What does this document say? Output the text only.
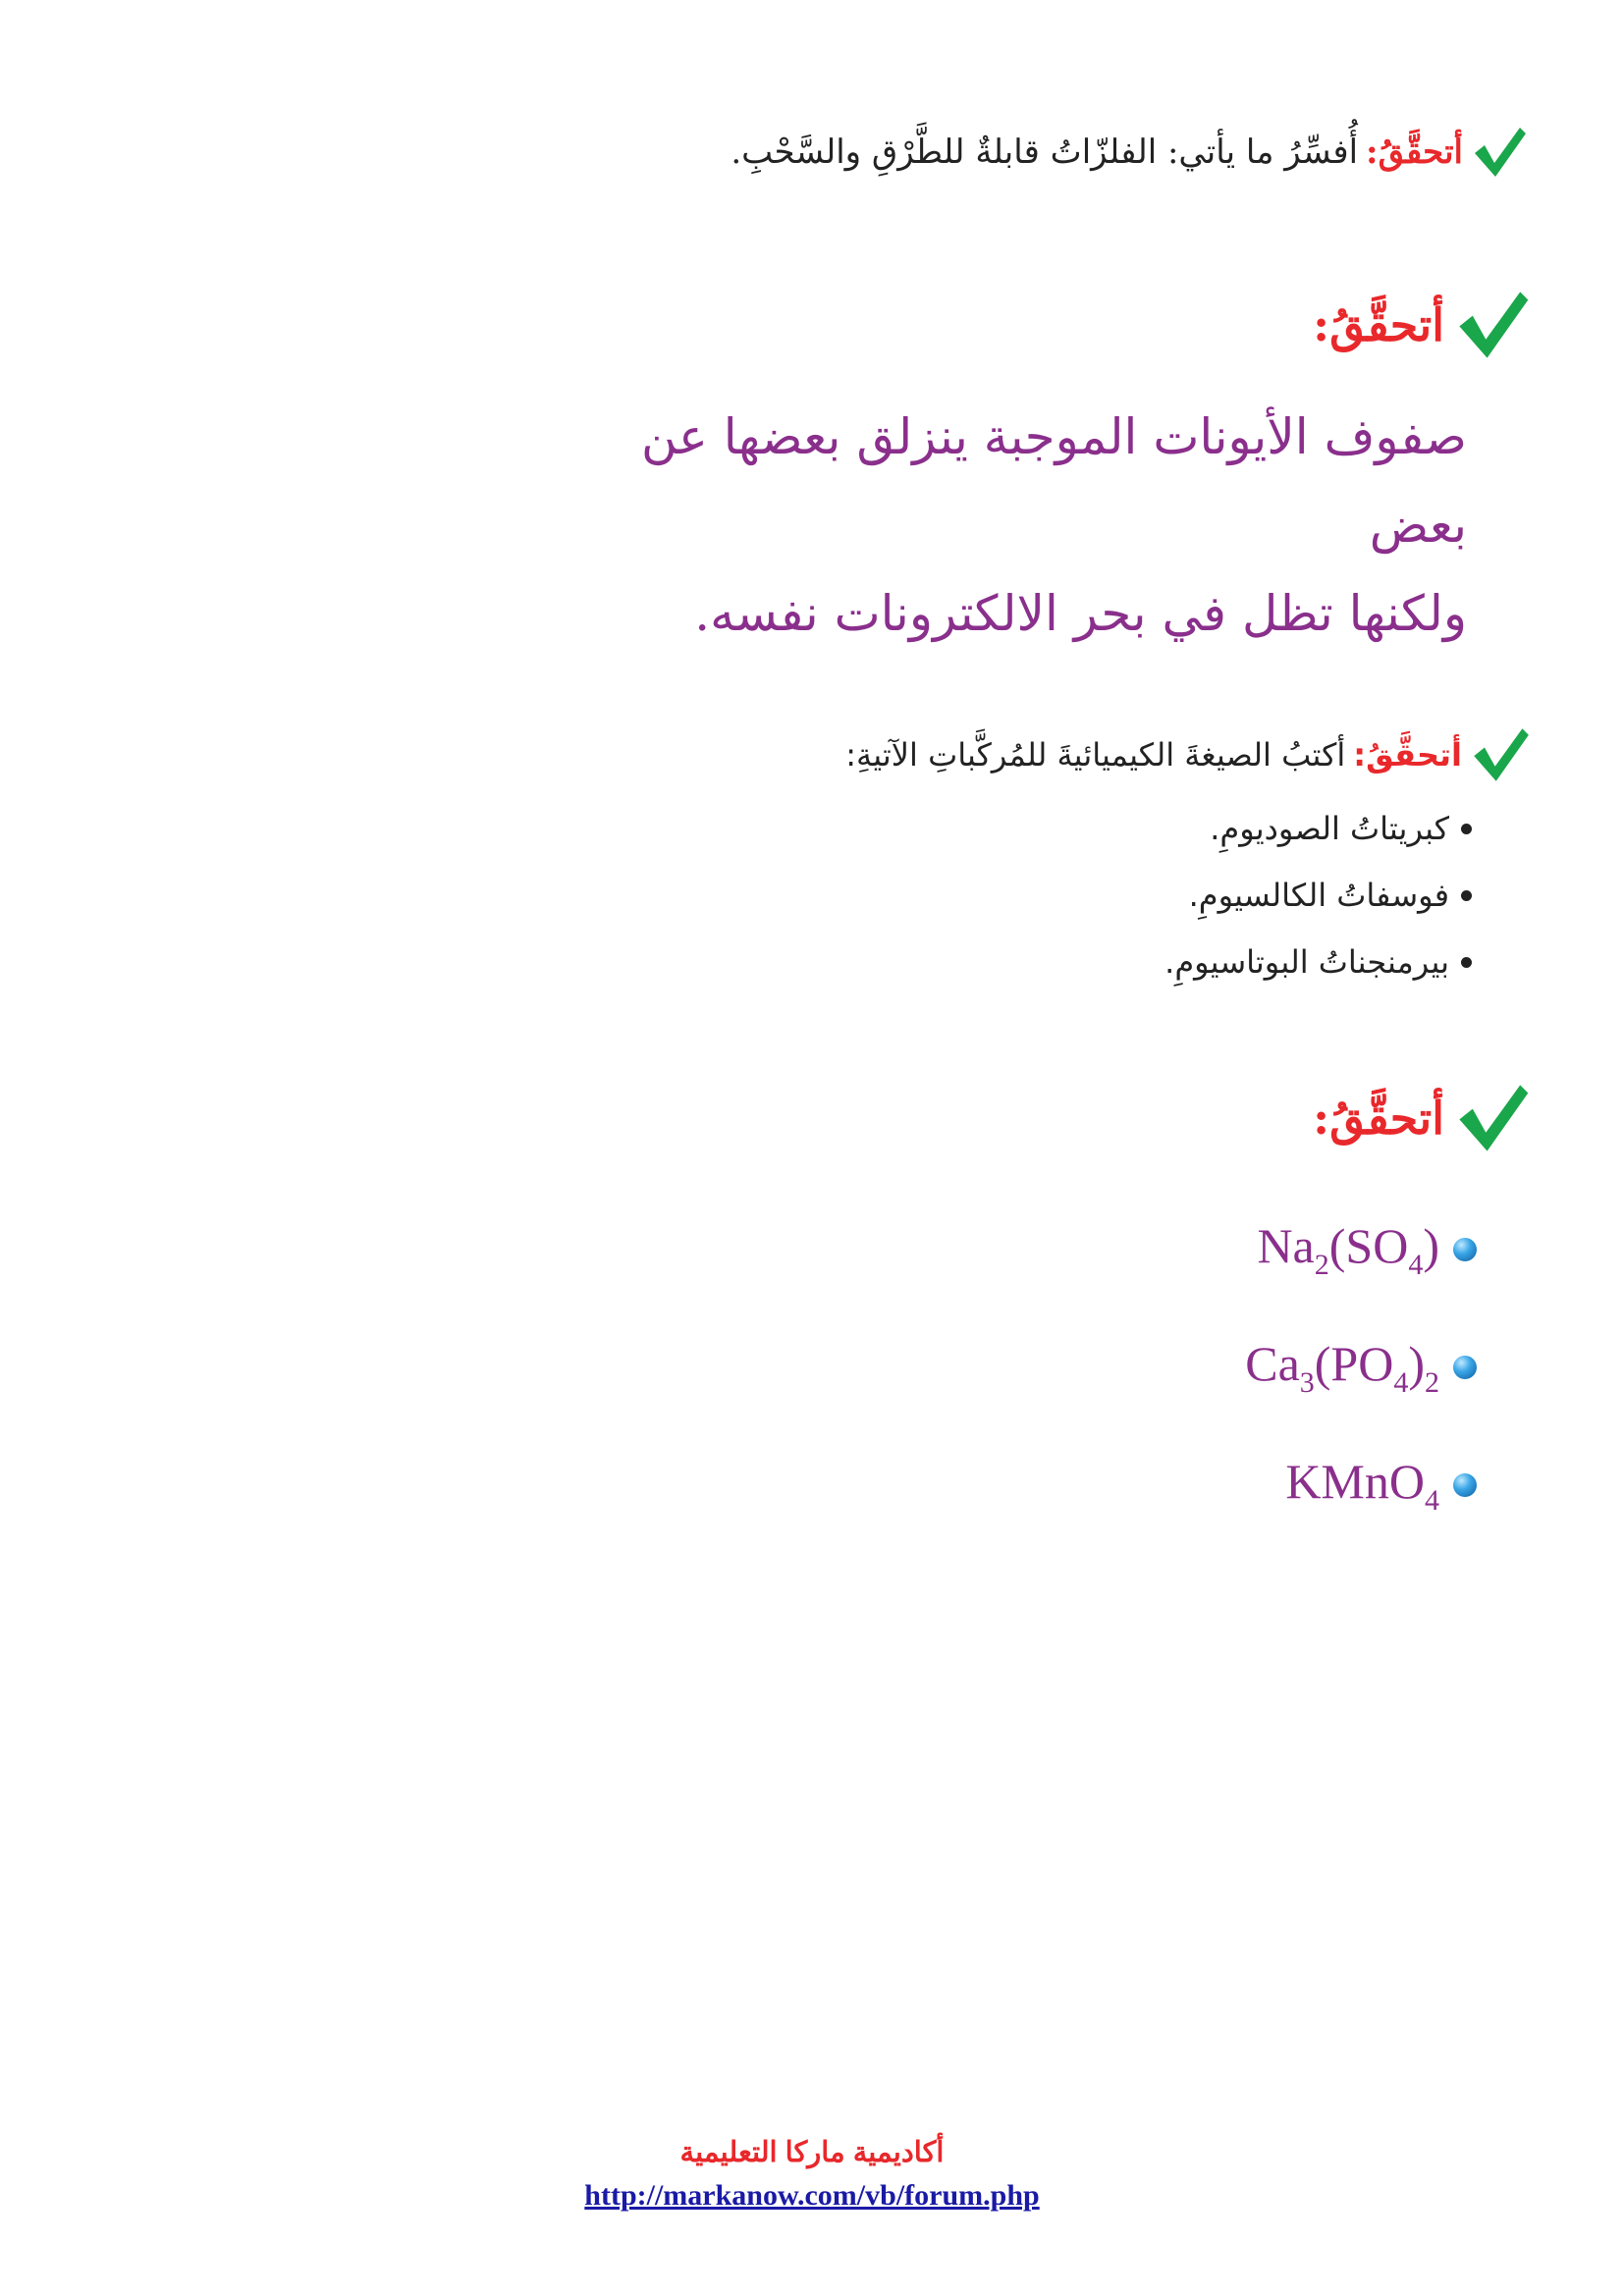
أتحقَّقُ:
أُفسِّرُ ما يأتي: الفلزّاتُ قابلةٌ للطَّرْقِ والسَّحْبِ.
أتحقَّقُ:
صفوف الأيونات الموجبة ينزلق بعضها عن بعض
ولكنها تظل في بحر الالكترونات نفسه.
أتحقَّقُ:
أكتبُ الصيغةَ الكيميائيةَ للمُركَّباتِ الآتيةِ:
كبريتاتُ الصوديومِ.
فوسفاتُ الكالسيومِ.
بيرمنجناتُ البوتاسيومِ.
أتحقَّقُ:
$Na_2(SO_4)$
$Ca_3(PO_4)_2$
KMnO$_4$
أكاديمية ماركا التعليمية
http://markanow.com/vb/forum.php
